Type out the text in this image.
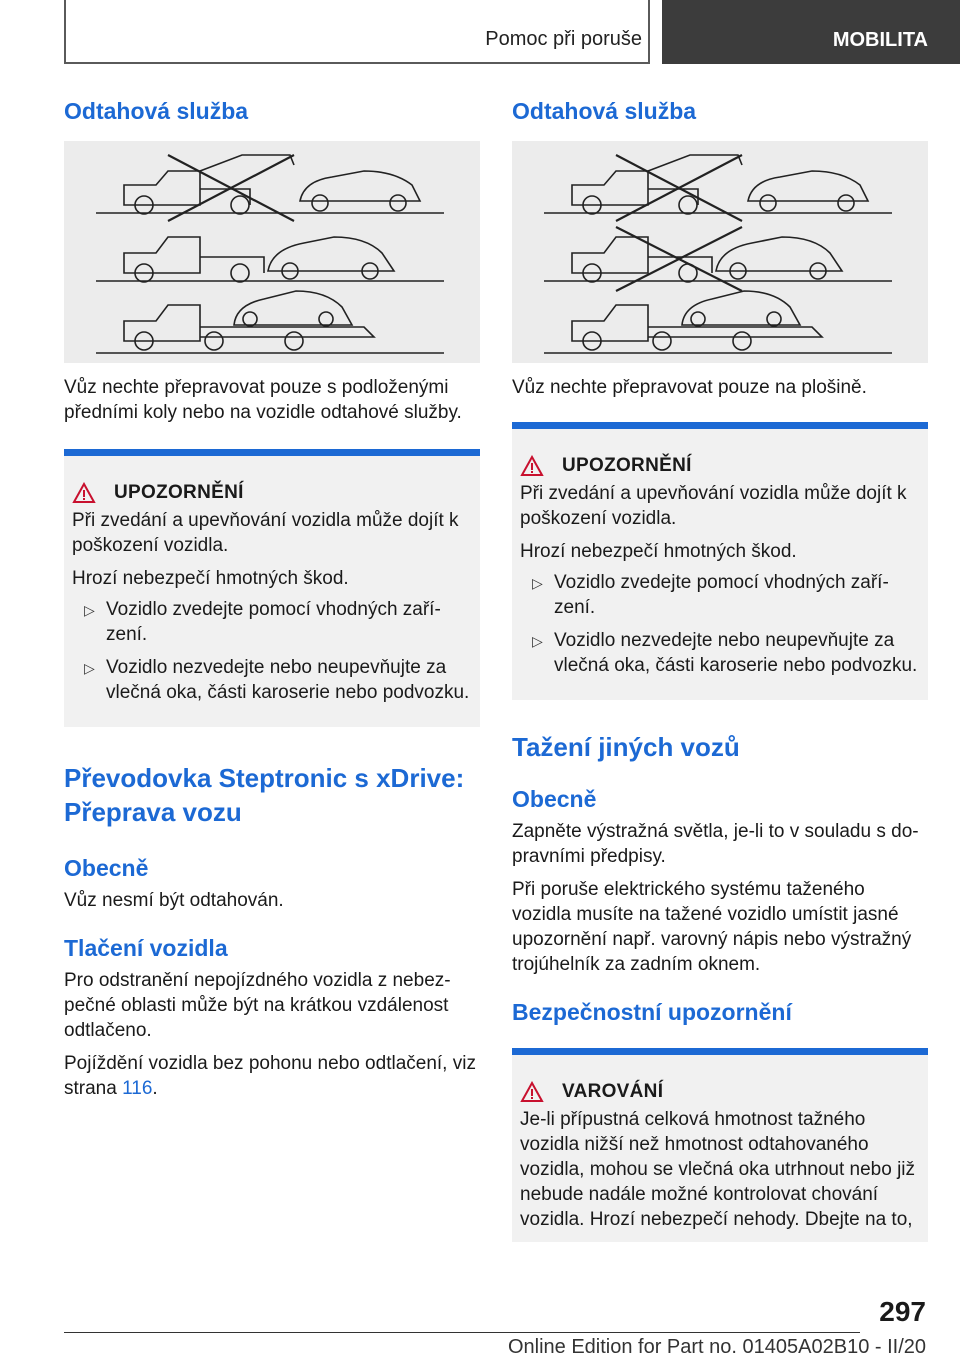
Pomoc při poruše	MOBILITA
Odtahová služba

Vůz nechte přepravovat pouze s podloženými předními koly nebo na vozidle odtahové služby.

UPOZORNĚNÍ

Při zvedání a upevňování vozidla může dojít k poškození vozidla.

Hrozí nebezpečí hmotných škod.

▷ Vozidlo zvedejte pomocí vhodných zaří‐ zení.
▷ Vozidlo nezvedejte nebo neupevňujte za vlečná oka, části karoserie nebo podvozku.
Převodovka Steptronic s xDrive: Přeprava vozu
Obecně

Vůz nesmí být odtahován.

Tlačení vozidla

Pro odstranění nepojízdného vozidla z nebez‐ pečné oblasti může být na krátkou vzdálenost odtlačeno.

Pojíždění vozidla bez pohonu nebo odtlačení, viz strana 116.

Odtahová služba

Vůz nechte přepravovat pouze na plošině.

UPOZORNĚNÍ

Při zvedání a upevňování vozidla může dojít k poškození vozidla.

Hrozí nebezpečí hmotných škod.

▷ Vozidlo zvedejte pomocí vhodných zaří‐ zení.
▷ Vozidlo nezvedejte nebo neupevňujte za vlečná oka, části karoserie nebo podvozku.
Tažení jiných vozů
Obecně

Zapněte výstražná světla, je-li to v souladu s do‐ pravními předpisy.

Při poruše elektrického systému taženého vozidla musíte na tažené vozidlo umístit jasné upozornění např. varovný nápis nebo výstražný trojúhelník za zadním oknem.

Bezpečnostní upozornění
VAROVÁNÍ

Je-li přípustná celková hmotnost tažného vozidla nižší než hmotnost odtahovaného vozidla, mohou se vlečná oka utrhnout nebo již nebude nadále možné kontrolovat chování vozidla. Hrozí nebezpečí nehody. Dbejte na to,

297
Online Edition for Part no. 01405A02B10 - II/20
